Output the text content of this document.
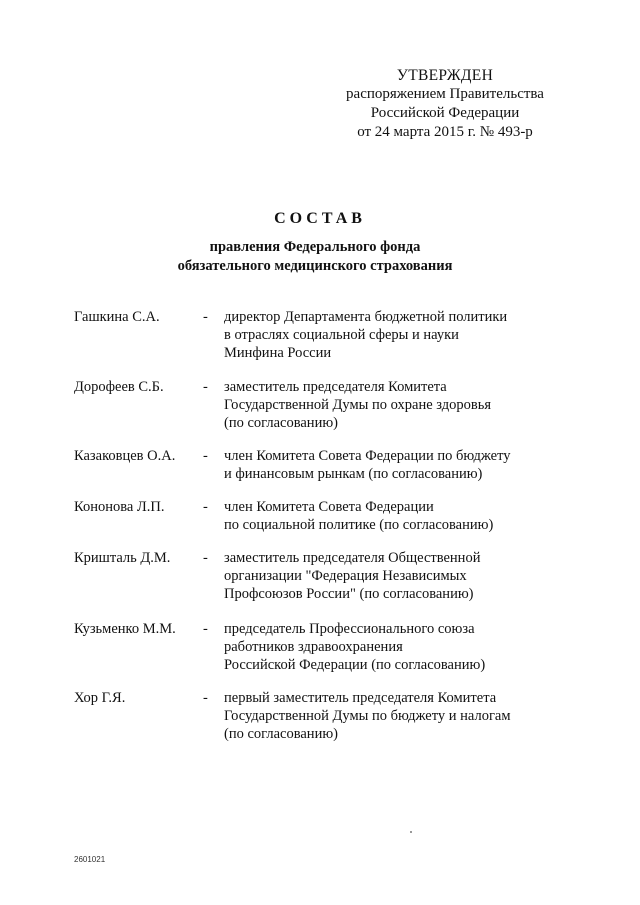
УТВЕРЖДЕН
распоряжением Правительства
Российской Федерации
от 24 марта 2015 г. № 493-р
СОСТАВ
правления Федерального фонда
обязательного медицинского страхования
Гашкина С.А.	- директор Департамента бюджетной политики
в отраслях социальной сферы и науки
Минфина России
Дорофеев С.Б.	- заместитель председателя Комитета
Государственной Думы по охране здоровья
(по согласованию)
Казаковцев О.А. - член Комитета Совета Федерации по бюджету
и финансовым рынкам (по согласованию)
Кононова Л.П.	- член Комитета Совета Федерации
по социальной политике (по согласованию)
Кришталь Д.М. - заместитель председателя Общественной
организации "Федерация Независимых
Профсоюзов России" (по согласованию)
Кузьменко М.М. - председатель Профессионального союза
работников здравоохранения
Российской Федерации (по согласованию)
Хор Г.Я.	- первый заместитель председателя Комитета
Государственной Думы по бюджету и налогам
(по согласованию)
2601021
